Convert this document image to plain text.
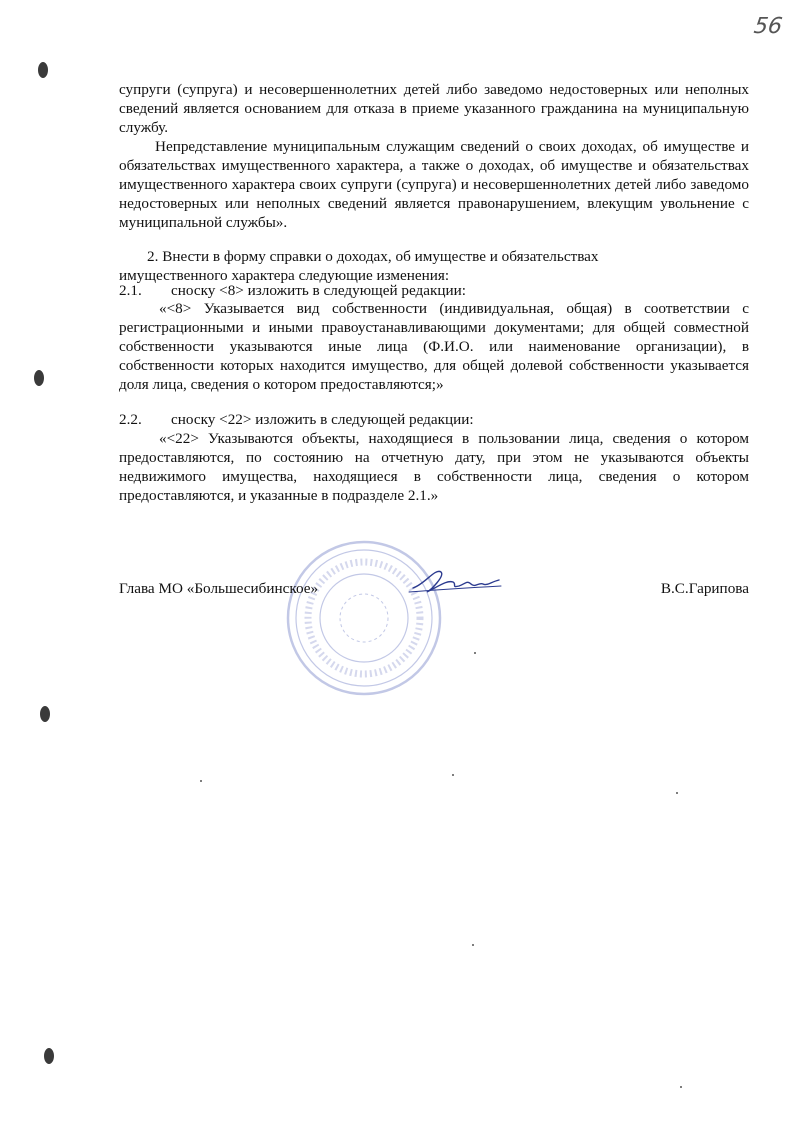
56
супруги (супруга) и несовершеннолетних детей либо заведомо недостоверных или неполных сведений является основанием для отказа в приеме указанного гражданина на муниципальную службу.
Непредставление муниципальным служащим сведений о своих доходах, об имуществе и обязательствах имущественного характера, а также о доходах, об имуществе и обязательствах имущественного характера своих супруги (супруга) и несовершеннолетних детей либо заведомо недостоверных или неполных сведений является правонарушением, влекущим увольнение с муниципальной службы».
2. Внести в форму справки о доходах, об имуществе и обязательствах имущественного характера следующие изменения:
2.1. сноску <8> изложить в следующей редакции:
«<8> Указывается вид собственности (индивидуальная, общая) в соответствии с регистрационными и иными правоустанавливающими документами; для общей совместной собственности указываются иные лица (Ф.И.О. или наименование организации), в собственности которых находится имущество, для общей долевой собственности указывается доля лица, сведения о котором предоставляются;»
2.2. сноску <22> изложить в следующей редакции:
«<22> Указываются объекты, находящиеся в пользовании лица, сведения о котором предоставляются, по состоянию на отчетную дату, при этом не указываются объекты недвижимого имущества, находящиеся в собственности лица, сведения о котором предоставляются, и указанные в подразделе 2.1.»
Глава МО «Большесибинское»	В.С.Гарипова
